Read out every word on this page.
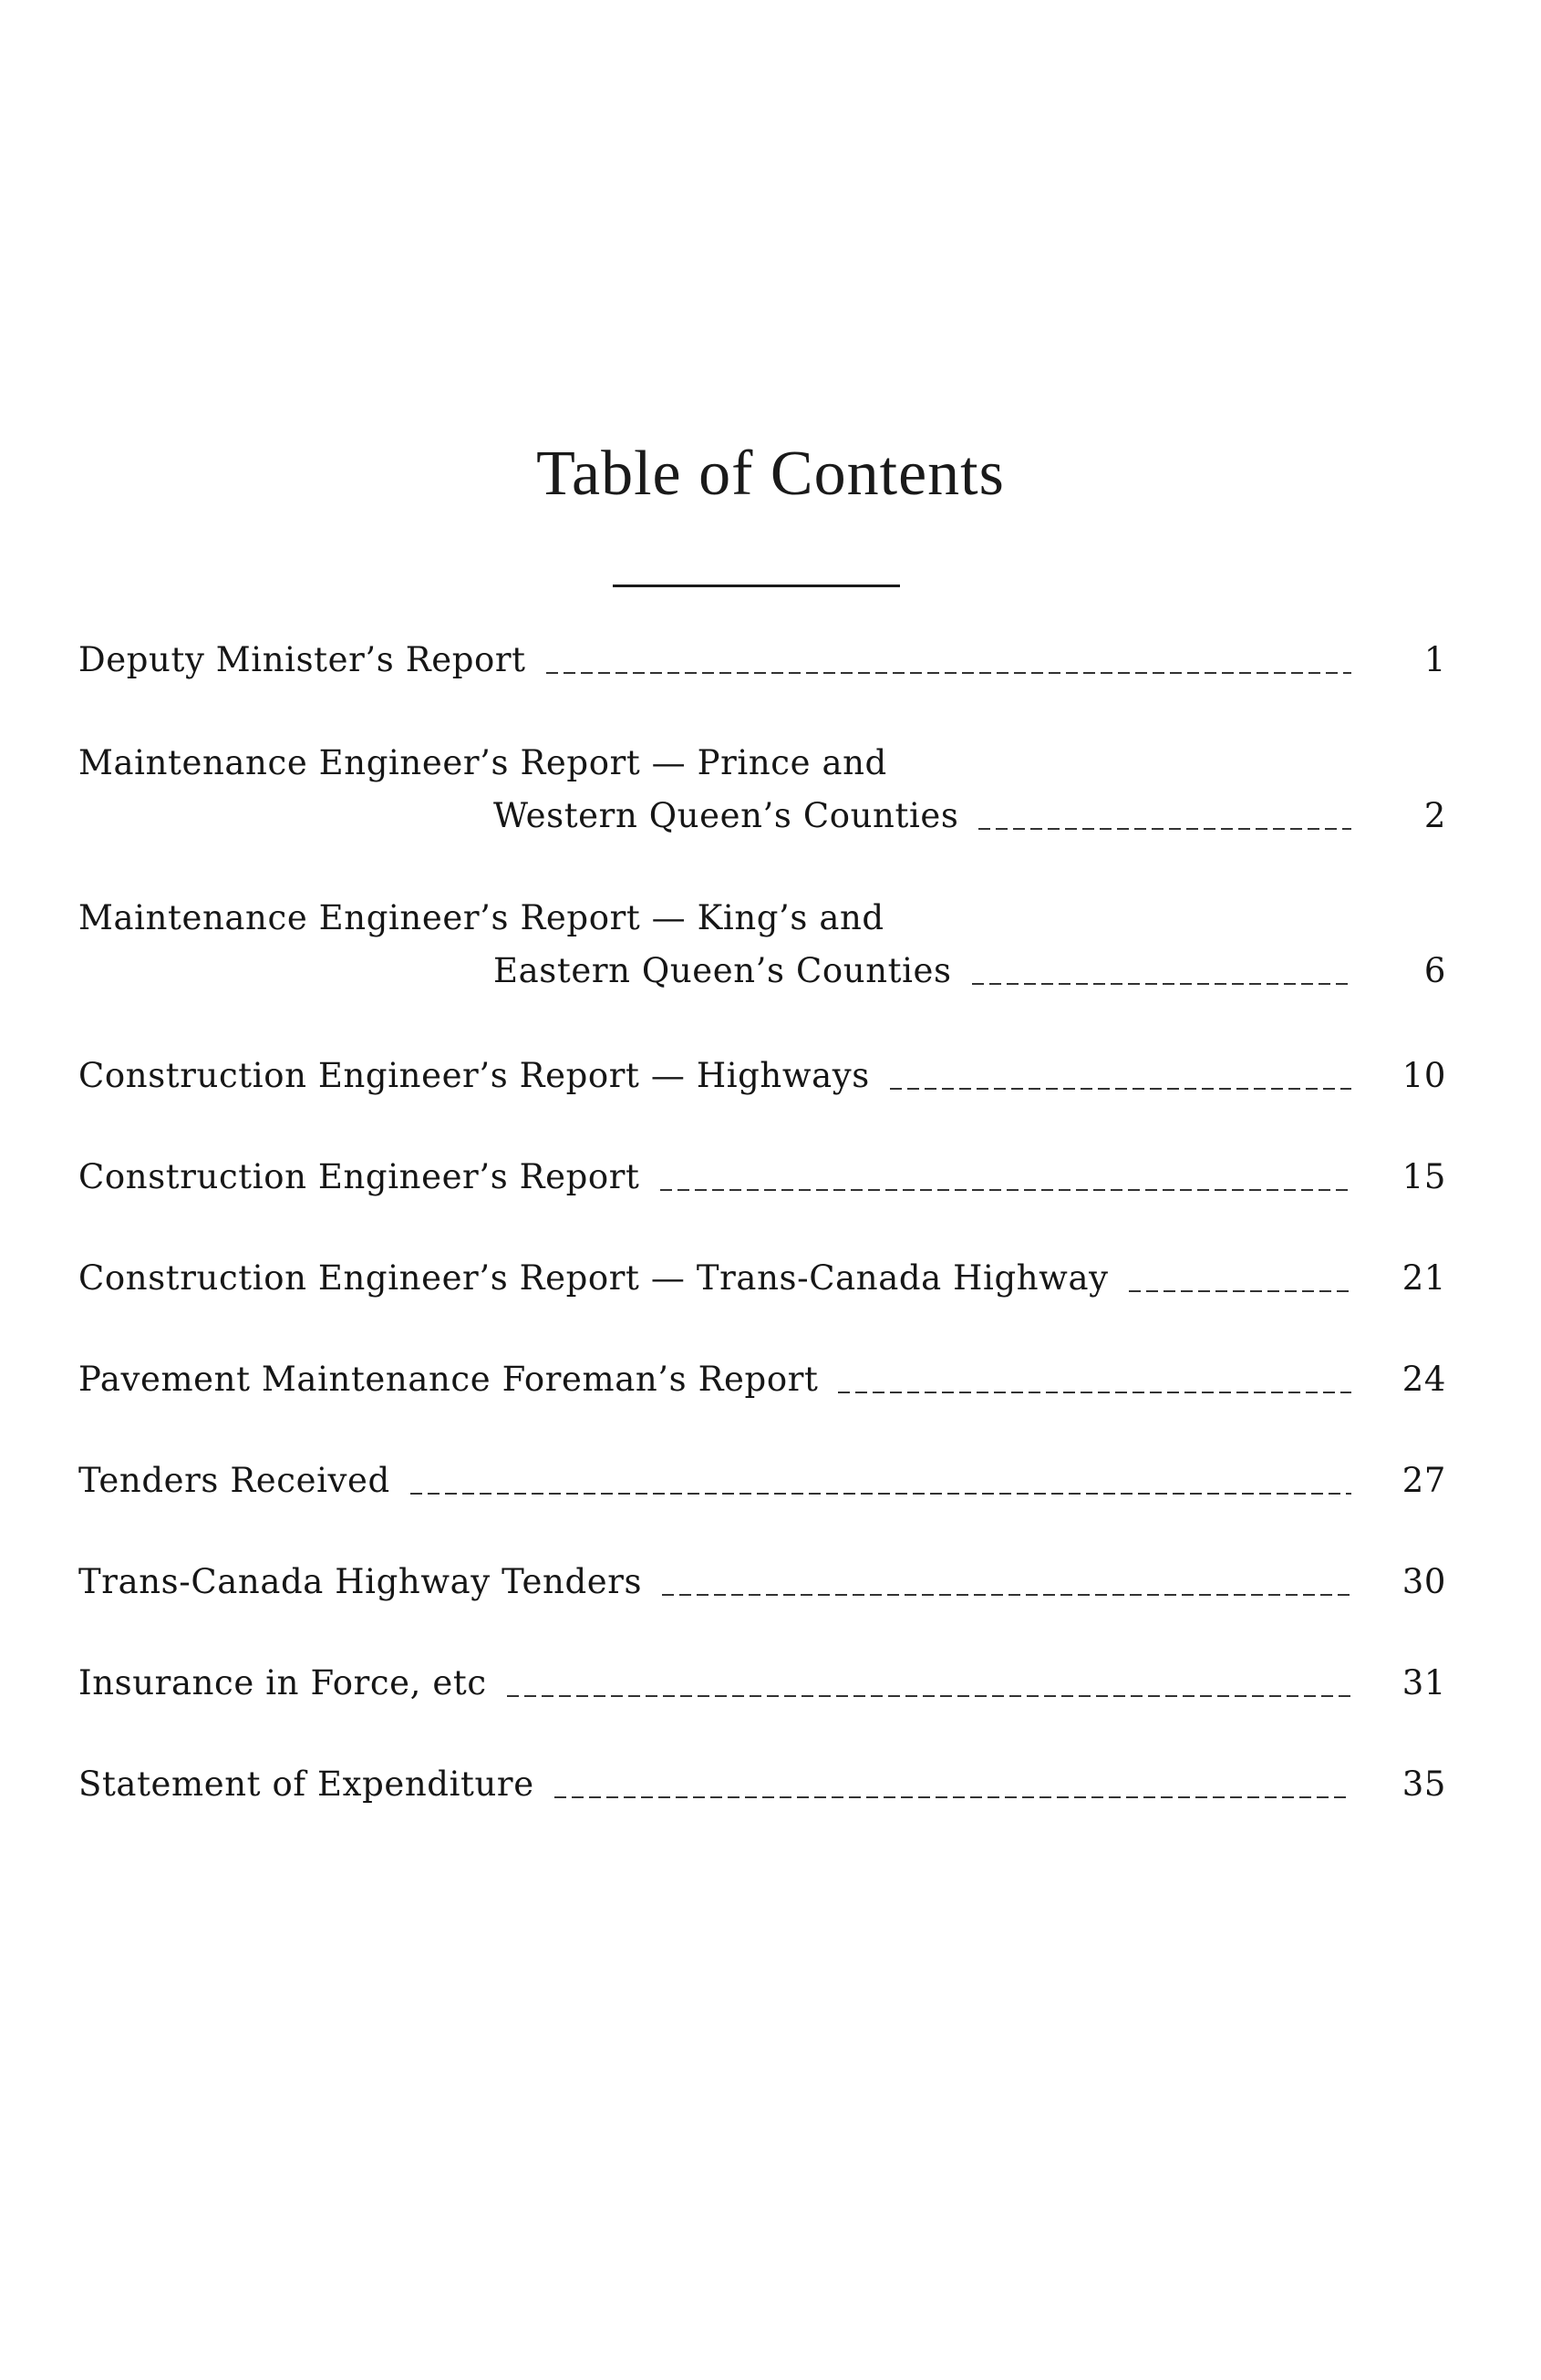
Table of Contents
Deputy Minister’s Report	1
Maintenance Engineer’s Report — Prince and
Western Queen’s Counties	2
Maintenance Engineer’s Report — King’s and
Eastern Queen’s Counties	6
Construction Engineer’s Report — Highways	10
Construction Engineer’s Report	15
Construction Engineer’s Report — Trans-Canada Highway	21
Pavement Maintenance Foreman’s Report	24
Tenders Received	27
Trans-Canada Highway Tenders	30
Insurance in Force, etc	31
Statement of Expenditure	35
